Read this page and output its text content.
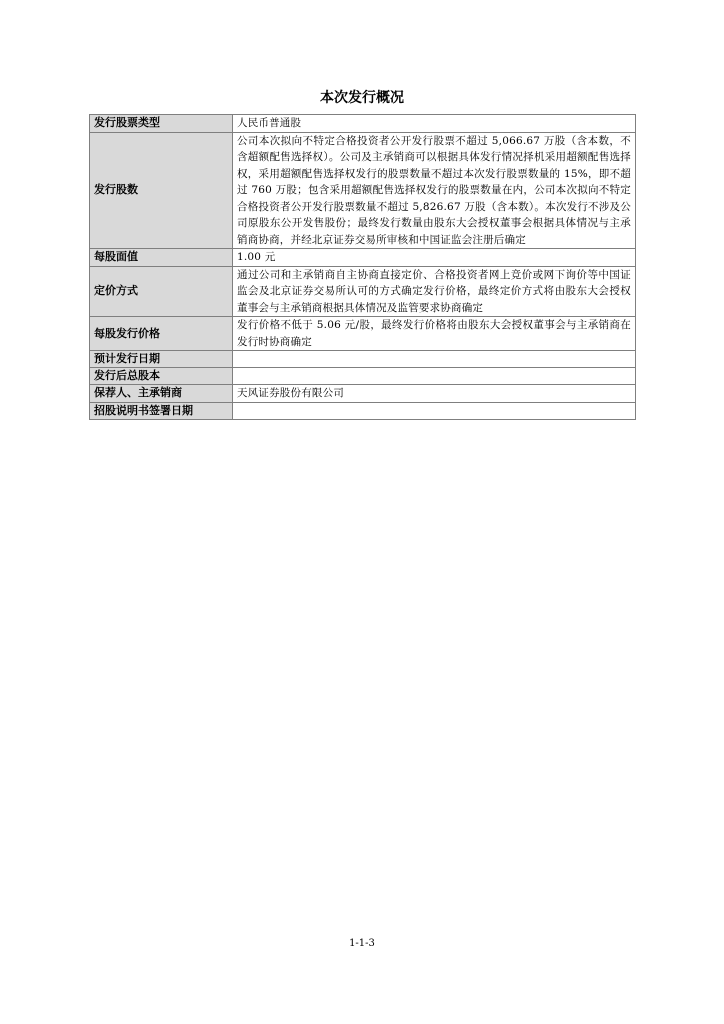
本次发行概况
发行股票类型	人民币普通股
发行股数	公司本次拟向不特定合格投资者公开发行股票不超过 5,066.67 万股（含本数，不含超额配售选择权）。公司及主承销商可以根据具体发行情况择机采用超额配售选择权，采用超额配售选择权发行的股票数量不超过本次发行股票数量的 15%，即不超过 760 万股；包含采用超额配售选择权发行的股票数量在内，公司本次拟向不特定合格投资者公开发行股票数量不超过 5,826.67 万股（含本数）。本次发行不涉及公司原股东公开发售股份；最终发行数量由股东大会授权董事会根据具体情况与主承销商协商，并经北京证券交易所审核和中国证监会注册后确定
每股面值	1.00 元
定价方式	通过公司和主承销商自主协商直接定价、合格投资者网上竞价或网下询价等中国证监会及北京证券交易所认可的方式确定发行价格，最终定价方式将由股东大会授权董事会与主承销商根据具体情况及监管要求协商确定
每股发行价格	发行价格不低于 5.06 元/股，最终发行价格将由股东大会授权董事会与主承销商在发行时协商确定
预计发行日期	
发行后总股本	
保荐人、主承销商	天风证券股份有限公司
招股说明书签署日期	
1-1-3
